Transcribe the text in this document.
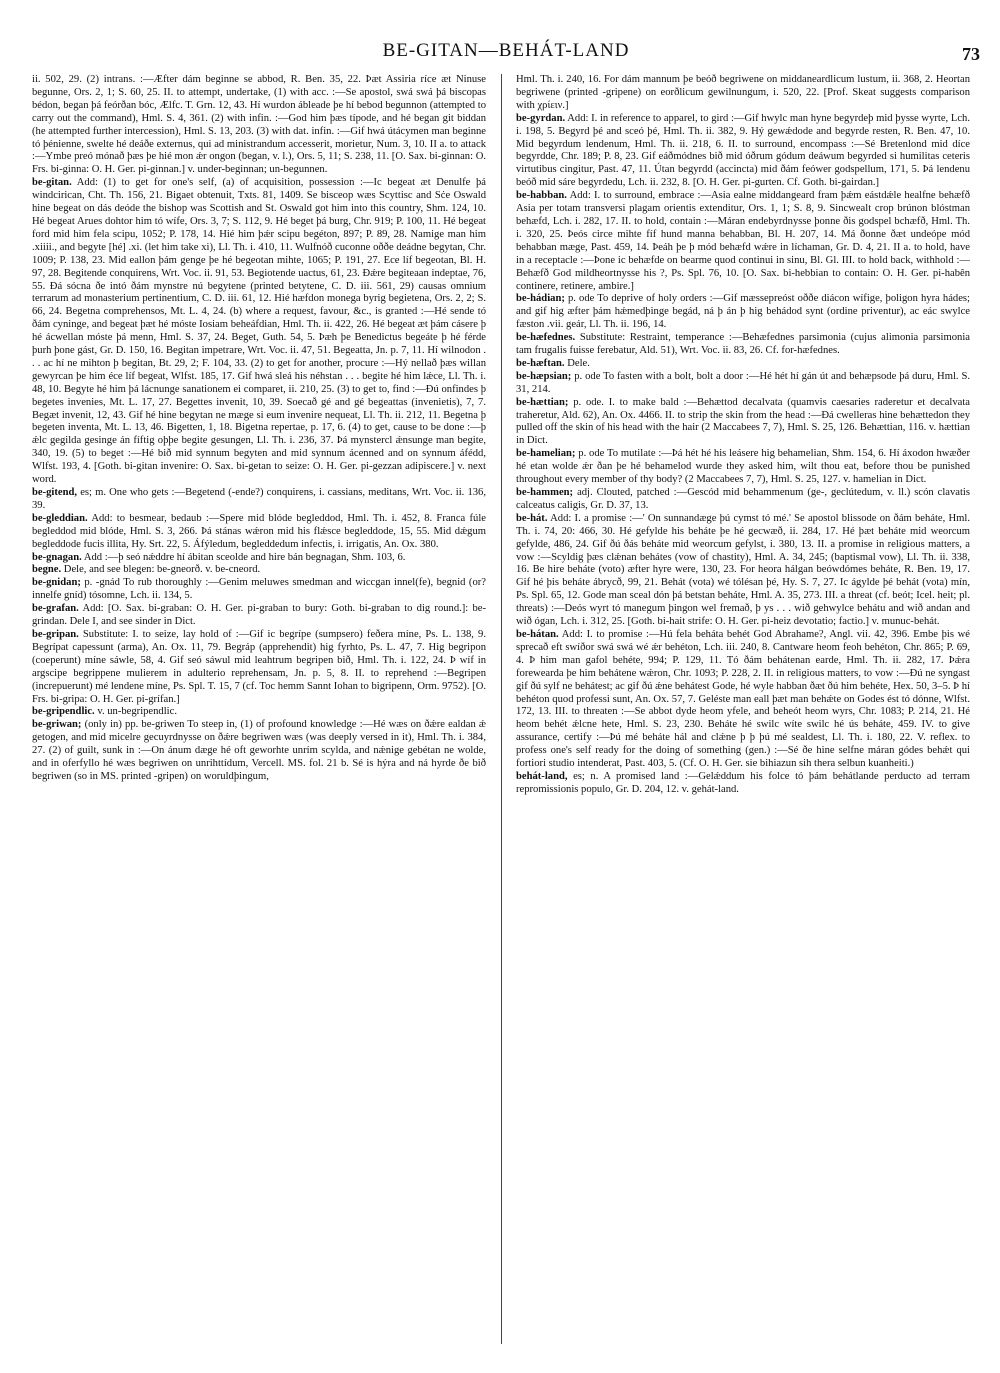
BE-GITAN—BEHÁT-LAND	73

ii. 502, 29. (2) intrans. :—Æfter dám beginne se abbod, R. Ben. 35, 22. Þæt Assiria ríce æt Ninuse begunne, Ors. 2, 1; S. 60, 25. II. to attempt, undertake, (1) with acc. :—Se apostol, swá swá þá biscopas bédon, began þá feórðan bóc, Ælfc. T. Grn. 12, 43. Hí wurdon ábleade þe hí bebod begunnon (attempted to carry out the command), Hml. S. 4, 361. (2) with infin. :—God him þæs típode, and hé began git biddan (he attempted further intercession), Hml. S. 13, 203. (3) with dat. infin. :—Gif hwá útácymen man beginne tó þénienne, swelte hé deáðe externus, qui ad ministrandum accesserit, morietur, Num. 3, 10. II a. to attack :—Ymbe preó mónað þæs þe hié mon ǽr ongon (began, v. l.), Ors. 5, 11; S. 238, 11. [O. Sax. bi-ginnan: O. Frs. bi-ginna: O. H. Ger. pi-ginnan.] v. under-beginnan; un-begunnen.

be-gitan. Add: (1) to get for one's self, (a) of acquisition, possession :—Ic begeat æt Denulfe þá windcirican, Cht. Th. 156, 21. Bigaet obtenuit, Txts. 81, 1409. Se bisceop wæs Scyttisc and Sċe Oswald hine begeat on dás deóde the bishop was Scottish and St. Oswald got him into this country, Shm. 124, 10. Hé begeat Arues dohtor him tó wífe, Ors. 3, 7; S. 112, 9. Hé beget þá burg, Chr. 919; P. 100, 11. Hé begeat ford mid him fela scipu, 1052; P. 178, 14. Hié him þǽr scipu begéton, 897; P. 89, 28. Namige man him .xiiii., and begyte [hé] .xi. (let him take xi), Ll. Th. i. 410, 11. Wulfnóð cuconne oððe deádne begytan, Chr. 1009; P. 138, 23. Mid eallon þám genge þe hé begeotan mihte, 1065; P. 191, 27. Ece líf begeotan, Bl. H. 97, 28. Begitende conquirens, Wrt. Voc. ii. 91, 53. Begiotende uactus, 61, 23. Ðǽre begiteaan indeptae, 76, 55. Ðá sócna ðe intó ðám mynstre nú begytene (printed betytene, C. D. iii. 561, 29) causas omnium terrarum ad monasterium pertinentium, C. D. iii. 61, 12. Hié hæfdon monega byrig begietena, Ors. 2, 2; S. 66, 24. Begetna comprehensos, Mt. L. 4, 24. (b) where a request, favour, &c., is granted :—Hé sende tó ðám cyninge, and begeat þæt hé móste Iosiam beheáfdian, Hml. Th. ii. 422, 26. Hé begeat æt þám cásere þ hé ácwellan móste þá menn, Hml. S. 37, 24. Beget, Guth. 54, 5. Þæh þe Benedictus begeáte þ hé férde þurh þone gást, Gr. D. 150, 16. Begitan impetrare, Wrt. Voc. ii. 47, 51. Begeatta, Jn. p. 7, 11. Hí wilnodon . . . ac hí ne mihton þ begitan, Bt. 29, 2; F. 104, 33. (2) to get for another, procure :—Hý nellað þæs willan gewyrcan þe him éce líf begeat, Wlfst. 185, 17. Gif hwá sleá his néhstan . . . begite hé him lǽce, Ll. Th. i. 48, 10. Begyte hé him þá lácnunge sanationem ei comparet, ii. 210, 25. (3) to get to, find :—Ðú onfindes þ begetes invenies, Mt. L. 17, 27. Begettes invenit, 10, 39. Soecað gé and gé begeattas (invenietis), 7, 7. Begæt invenit, 12, 43. Gif hé hine begytan ne mæge si eum invenire nequeat, Ll. Th. ii. 212, 11. Begetna þ begeten inventa, Mt. L. 13, 46. Bigetten, 1, 18. Bigetna repertae, p. 17, 6. (4) to get, cause to be done :—þ ǽlc gegilda gesinge án fíftig oþþe begite gesungen, Ll. Th. i. 236, 37. Þá mynstercl ǽnsunge man begite, 340, 19. (5) to beget :—Hé bið mid synnum begyten and mid synnum ácenned and on synnum áfédd, Wlfst. 193, 4. [Goth. bi-gitan invenire: O. Sax. bi-getan to seize: O. H. Ger. pi-gezzan adipiscere.] v. next word.

be-gitend, es; m. One who gets :—Begetend (-ende?) conquirens, i. cassians, meditans, Wrt. Voc. ii. 136, 39.

be-gleddian. Add: to besmear, bedaub :—Spere mid blóde begleddod, Hml. Th. i. 452, 8. Franca fúle begleddod mid blóde, Hml. S. 3, 266. Þá stánas wǽron mid his flǽsce begleddode, 15, 55. Mid dǽgum begleddode fucis illita, Hy. Srt. 22, 5. Áfýledum, begleddedum infectis, i. irrigatis, An. Ox. 380.

be-gnagan. Add :—þ seó nǽddre hí ábitan sceolde and hire bán begnagan, Shm. 103, 6.

begne. Dele, and see blegen: be-gneorð. v. be-cneord.

be-gnidan; p. -gnád To rub thoroughly :—Genim meluwes smedman and wiccgan innel(fe), begnid (or? innelfe gníd) tósomne, Lch. ii. 134, 5.

be-grafan. Add: [O. Sax. bi-graban: O. H. Ger. pi-graban to bury: Goth. bi-graban to dig round.]: be-grindan. Dele I, and see sinder in Dict.

be-gripan. Substitute: I. to seize, lay hold of :—Gif ic begrípe (sumpsero) feðera míne, Ps. L. 138, 9. Begrípat capessunt (arma), An. Ox. 11, 79. Begráp (apprehendit) hig fyrhto, Ps. L. 47, 7. Hig begripon (coeperunt) míne sáwle, 58, 4. Gif seó sáwul mid leahtrum begripen bið, Hml. Th. i. 122, 24. Þ wíf in argscipe begrippene mulierem in adulterio reprehensam, Jn. p. 5, 8. II. to reprehend :—Begripen (increpuerunt) mé lendene míne, Ps. Spl. T. 15, 7 (cf. Toc hemm Sannt Iohan to bigripenn, Orm. 9752). [O. Frs. bi-gripa: O. H. Ger. pi-grífan.]

be-gripendlic. v. un-begripendlic.

be-griwan; (only in) pp. be-griwen To steep in, (1) of profound knowledge :—Hé wæs on ðǽre ealdan ǽ getogen, and mid micelre gecuyrdnysse on ðǽre begriwen wæs (was deeply versed in it), Hml. Th. i. 384, 27. (2) of guilt, sunk in :—On ánum dæge hé oft geworhte unrím scylda, and nǽnige gebétan ne wolde, and in oferfyllo hé wæs begriwen on unrihttídum, Vercell. MS. fol. 21 b. Sé is hýra and ná hyrde ðe bið begriwen (so in MS. printed -gripen) on woruldþingum,

Hml. Th. i. 240, 16. For dám mannum þe beóð begriwene on middaneardlicum lustum, ii. 368, 2. Heortan begriwene (printed -gripene) on eorðlicum gewilnungum, i. 520, 22. [Prof. Skeat suggests comparison with χρίειν.]

be-gyrdan. Add: I. in reference to apparel, to gird :—Gif hwylc man hyne begyrdeþ mid þysse wyrte, Lch. i. 198, 5. Begyrd þé and sceó þé, Hml. Th. ii. 382, 9. Hý gewǽdode and begyrde resten, R. Ben. 47, 10. Mid begyrdum lendenum, Hml. Th. ii. 218, 6. II. to surround, encompass :—Sé Bretenlond mid díce begyrdde, Chr. 189; P. 8, 23. Gif eáðmódnes bið mid óðrum gódum deáwum begyrded si humilitas ceteris virtutibus cingitur, Past. 47, 11. Útan begyrdd (accincta) mid ðám feówer godspellum, 171, 5. Þá lendenu beóð mid sáre begyrdedu, Lch. ii. 232, 8. [O. H. Ger. pi-gurten. Cf. Goth. bi-gairdan.]

be-habban. Add: I. to surround, embrace :—Asia ealne middangeard fram þǽm eástdǽle healfne behæfð Asia per totam transversi plagam orientis extenditur, Ors. 1, 1; S. 8, 9. Sincwealt crop brúnon blóstman behæfd, Lch. i. 282, 17. II. to hold, contain :—Máran endebyrdnysse þonne ðis godspel bchæfð, Hml. Th. i. 320, 25. Þeós circe mihte fíf hund manna behabban, Bl. H. 207, 14. Má ðonne ðæt undeópe mód behabban mæge, Past. 459, 14. Þeáh þe þ mód behæfd wǽre in líchaman, Gr. D. 4, 21. II a. to hold, have in a receptacle :—Þone ic behæfde on bearme quod continui in sinu, Bl. Gl. III. to hold back, withhold :—Behæfð God mildheortnysse his ?, Ps. Spl. 76, 10. [O. Sax. bi-hebbian to contain: O. H. Ger. pi-habên continere, retinere, ambire.]

be-hádian; p. ode To deprive of holy orders :—Gif mæssepreóst oððe diácon wífige, þoligon hyra hádes; and gif hig æfter þám hǽmedþinge begád, ná þ án þ hig behádod synt (ordine priventur), ac eác swylce fæston .vii. geár, Ll. Th. ii. 196, 14.

be-hæfednes. Substitute: Restraint, temperance :—Behæfednes parsimonia (cujus alimonia parsimonia tam frugalis fuisse ferebatur, Ald. 51), Wrt. Voc. ii. 83, 26. Cf. for-hæfednes.

be-hæftan. Dele.

be-hæpsian; p. ode To fasten with a bolt, bolt a door :—Hé hét hí gán út and behæpsode þá duru, Hml. S. 31, 214.

be-hættian; p. ode. I. to make bald :—Behættod decalvata (quamvis caesaries raderetur et decalvata traheretur, Ald. 62), An. Ox. 4466. II. to strip the skin from the head :—Ðá cwelleras hine behættedon they pulled off the skin of his head with the hair (2 Maccabees 7, 7), Hml. S. 25, 126. Behættian, 116. v. hættian in Dict.

be-hamelian; p. ode To mutilate :—Þá hét hé his leásere hig behamelian, Shm. 154, 6. Hí áxodon hwæðer hé etan wolde ǽr ðan þe hé behamelod wurde they asked him, wilt thou eat, before thou be punished throughout every member of thy body? (2 Maccabees 7, 7), Hml. S. 25, 127. v. hamelian in Dict.

be-hammen; adj. Clouted, patched :—Gescód mid behammenum (ge-, geclútedum, v. ll.) scón clavatis calceatus caligis, Gr. D. 37, 13.

be-hát. Add: I. a promise :—' On sunnandæge þú cymst tó mé.' Se apostol blissode on ðám beháte, Hml. Th. i. 74, 20: 466, 30. Hé gefylde his beháte þe hé gecwæð, ii. 284, 17. Hé þæt beháte mid weorcum gefylde, 486, 24. Gif ðú ðás beháte mid weorcum gefylst, i. 380, 13. II. a promise in religious matters, a vow :—Scyldig þæs clǽnan behátes (vow of chastity), Hml. A. 34, 245; (baptismal vow), Ll. Th. ii. 338, 16. Be hire beháte (voto) æfter hyre were, 130, 23. For heora hálgan beówdómes beháte, R. Ben. 19, 17. Gif hé þis beháte ábrycð, 99, 21. Behát (vota) wé tólésan þé, Hy. S. 7, 27. Ic ágylde þé behát (vota) mín, Ps. Spl. 65, 12. Gode man sceal dón þá betstan beháte, Hml. A. 35, 273. III. a threat (cf. beót; Icel. heit; pl. threats) :—Deós wyrt tó manegum þingon wel fremað, þ ys . . . wið gehwylce behátu and wið andan and wið ógan, Lch. i. 312, 25. [Goth. bi-hait strife: O. H. Ger. pi-heiz devotatio; factio.] v. munuc-behát.

be-hátan. Add: I. to promise :—Hú fela beháta behét God Abrahame?, Angl. vii. 42, 396. Embe þis wé sprecað eft swíðor swá swá wé ǽr behéton, Lch. iii. 240, 8. Cantware heom feoh behéton, Chr. 865; P. 69, 4. Þ him man gafol behéte, 994; P. 129, 11. Tó ðám behátenan earde, Hml. Th. ii. 282, 17. Þǽra forewearda þe him behátene wǽron, Chr. 1093; P. 228, 2. II. in religious matters, to vow :—Ðú ne syngast gif ðú sylf ne behátest; ac gif ðú ǽne behátest Gode, hé wyle habban ðæt ðú him behéte, Hex. 50, 3–5. Þ hí behéton quod professi sunt, An. Ox. 57, 7. Geléste man eall þæt man behǽte on Godes ést tó dónne, Wlfst. 172, 13. III. to threaten :—Se abbot dyde heom yfele, and beheót heom wyrs, Chr. 1083; P. 214, 21. Hé heom behét ǽlcne hete, Hml. S. 23, 230. Beháte hé swilc wíte swilc hé ús beháte, 459. IV. to give assurance, certify :—Þú mé beháte hál and clǽne þ þ þú mé sealdest, Ll. Th. i. 180, 22. V. reflex. to profess one's self ready for the doing of something (gen.) :—Sé ðe hine selfne máran gódes behǽt qui fortiori studio intenderat, Past. 403, 5. (Cf. O. H. Ger. sie bihiazun sih thera selbun kuanheiti.)

behát-land, es; n. A promised land :—Gelǽddum his folce tó þám behátlande perducto ad terram repromissionis populo, Gr. D. 204, 12. v. gehát-land.
